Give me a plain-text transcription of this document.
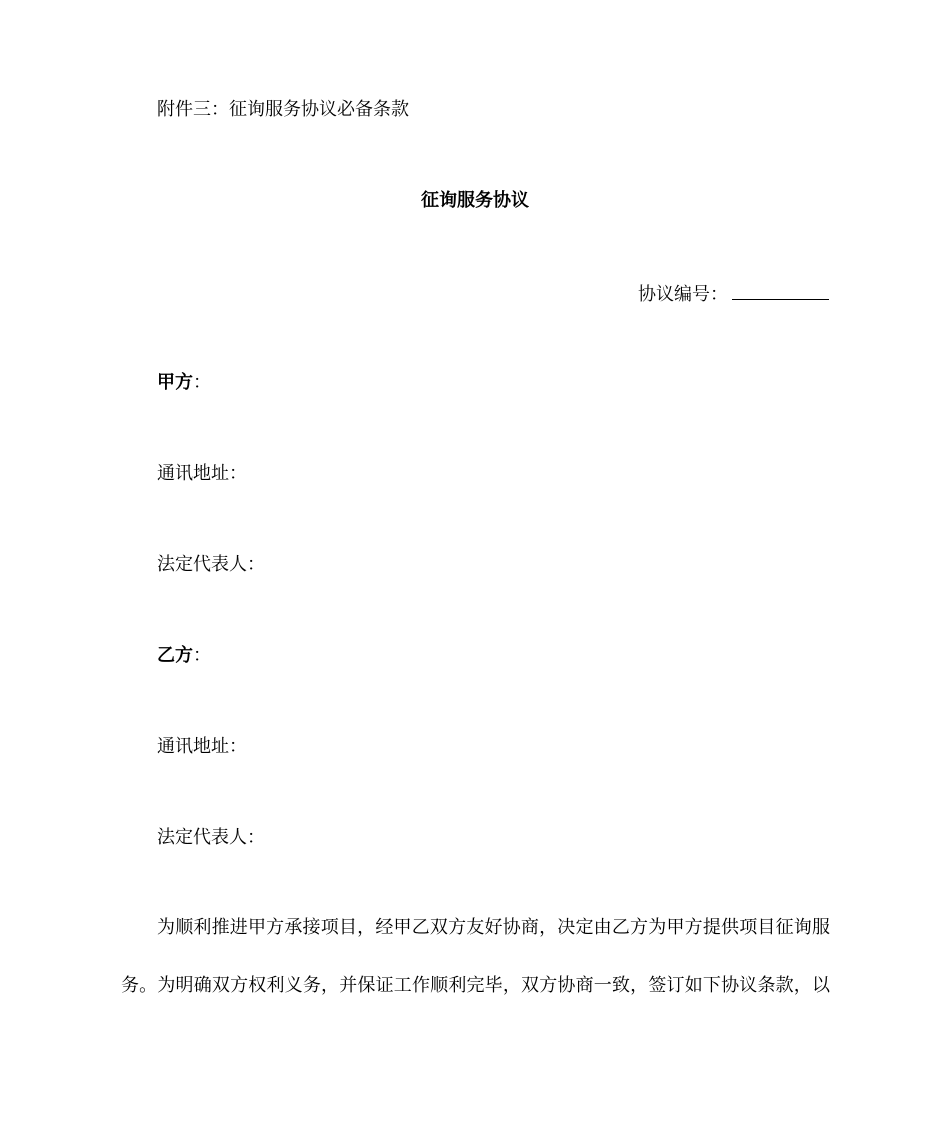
附件三：征询服务协议必备条款
征询服务协议
协议编号：
甲方：
通讯地址：
法定代表人：
乙方：
通讯地址：
法定代表人：
为顺利推进甲方承接项目，经甲乙双方友好协商，决定由乙方为甲方提供项目征询服
务。为明确双方权利义务，并保证工作顺利完毕，双方协商一致，签订如下协议条款，以
